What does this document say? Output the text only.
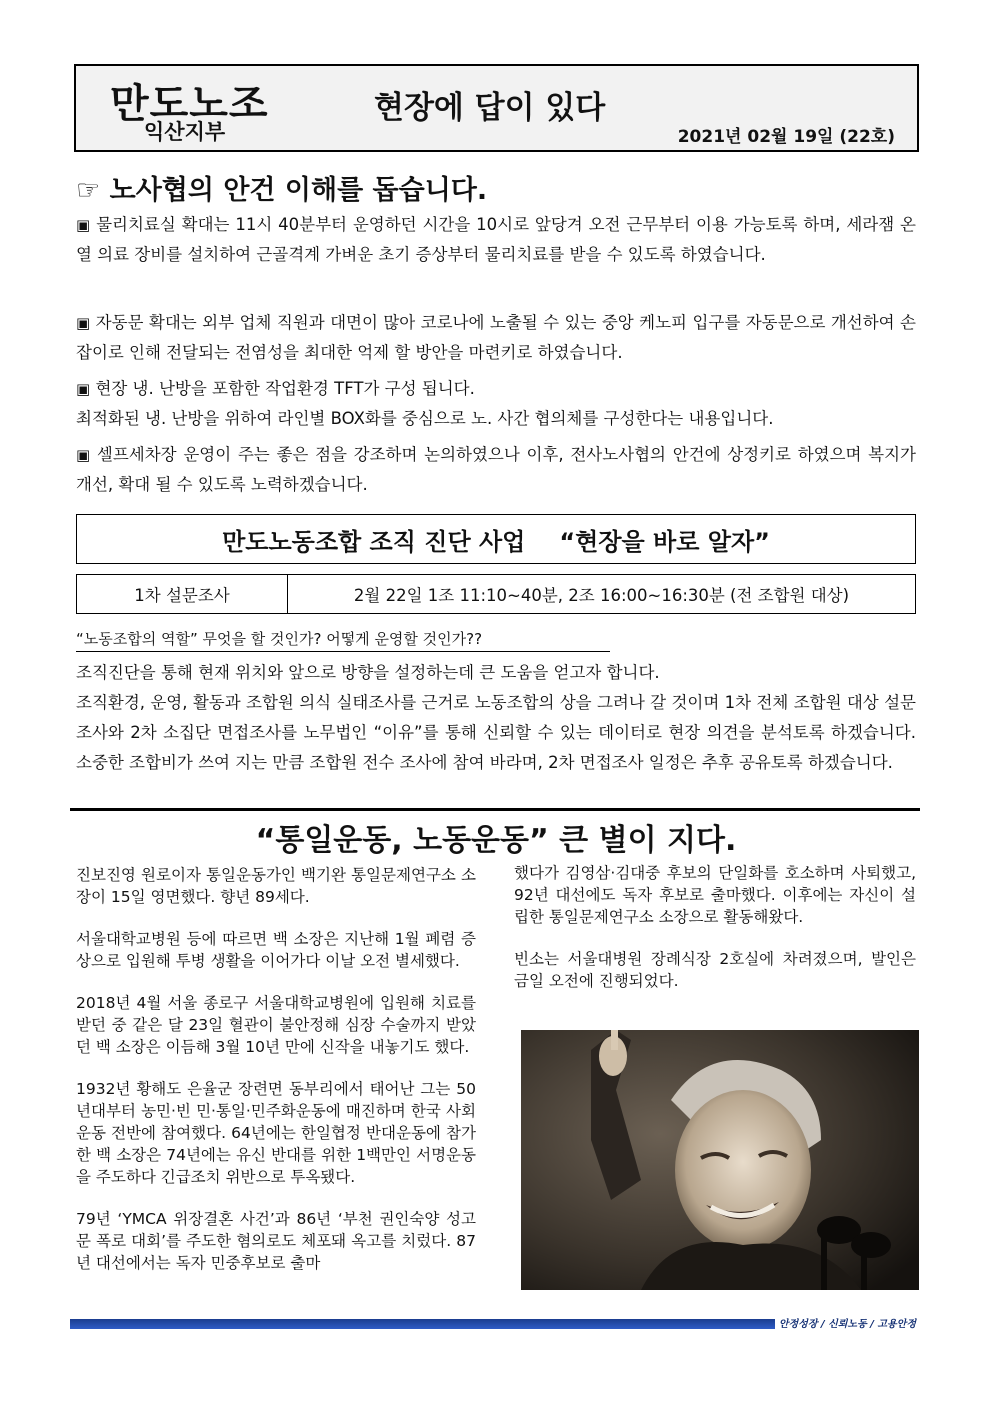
만도노조
익산지부
현장에 답이 있다
2021년 02월 19일 (22호)
☞ 노사협의 안건 이해를 돕습니다.
▣ 물리치료실 확대는 11시 40분부터 운영하던 시간을 10시로 앞당겨 오전 근무부터 이용 가능토록 하며, 세라잼 온열 의료 장비를 설치하여 근골격계 가벼운 초기 증상부터 물리치료를 받을 수 있도록 하였습니다.
▣ 자동문 확대는 외부 업체 직원과 대면이 많아 코로나에 노출될 수 있는 중앙 케노피 입구를 자동문으로 개선하여 손잡이로 인해 전달되는 전염성을 최대한 억제 할 방안을 마련키로 하였습니다.
▣ 현장 냉. 난방을 포함한 작업환경 TFT가 구성 됩니다.
최적화된 냉. 난방을 위하여 라인별 BOX화를 중심으로 노. 사간 협의체를 구성한다는 내용입니다.
▣ 셀프세차장 운영이 주는 좋은 점을 강조하며 논의하였으나 이후, 전사노사협의 안건에 상정키로 하였으며 복지가 개선, 확대 될 수 있도록 노력하겠습니다.
만도노동조합 조직 진단 사업 “현장을 바로 알자”
1차 설문조사	2월 22일 1조 11:10~40분, 2조 16:00~16:30분 (전 조합원 대상)
“노동조합의 역할” 무엇을 할 것인가? 어떻게 운영할 것인가??
조직진단을 통해 현재 위치와 앞으로 방향을 설정하는데 큰 도움을 얻고자 합니다.
조직환경, 운영, 활동과 조합원 의식 실태조사를 근거로 노동조합의 상을 그려나 갈 것이며 1차 전체 조합원 대상 설문조사와 2차 소집단 면접조사를 노무법인 “이유”를 통해 신뢰할 수 있는 데이터로 현장 의견을 분석토록 하겠습니다. 소중한 조합비가 쓰여 지는 만큼 조합원 전수 조사에 참여 바라며, 2차 면접조사 일정은 추후 공유토록 하겠습니다.
“통일운동, 노동운동” 큰 별이 지다.

진보진영 원로이자 통일운동가인 백기완 통일문제연구소 소장이 15일 영면했다. 향년 89세다.

서울대학교병원 등에 따르면 백 소장은 지난해 1월 폐렴 증상으로 입원해 투병 생활을 이어가다 이날 오전 별세했다.

2018년 4월 서울 종로구 서울대학교병원에 입원해 치료를 받던 중 같은 달 23일 혈관이 불안정해 심장 수술까지 받았던 백 소장은 이듬해 3월 10년 만에 신작을 내놓기도 했다.

1932년 황해도 은율군 장련면 동부리에서 태어난 그는 50년대부터 농민·빈 민·통일·민주화운동에 매진하며 한국 사회운동 전반에 참여했다. 64년에는 한일협정 반대운동에 참가한 백 소장은 74년에는 유신 반대를 위한 1백만인 서명운동을 주도하다 긴급조치 위반으로 투옥됐다.

79년 ‘YMCA 위장결혼 사건’과 86년 ‘부천 권인숙양 성고문 폭로 대회’를 주도한 혐의로도 체포돼 옥고를 치렀다. 87년 대선에서는 독자 민중후보로 출마

했다가 김영삼·김대중 후보의 단일화를 호소하며 사퇴했고, 92년 대선에도 독자 후보로 출마했다. 이후에는 자신이 설립한 통일문제연구소 소장으로 활동해왔다.

빈소는 서울대병원 장례식장 2호실에 차려졌으며, 발인은 금일 오전에 진행되었다.

안정성장 / 신뢰노동 / 고용안정
